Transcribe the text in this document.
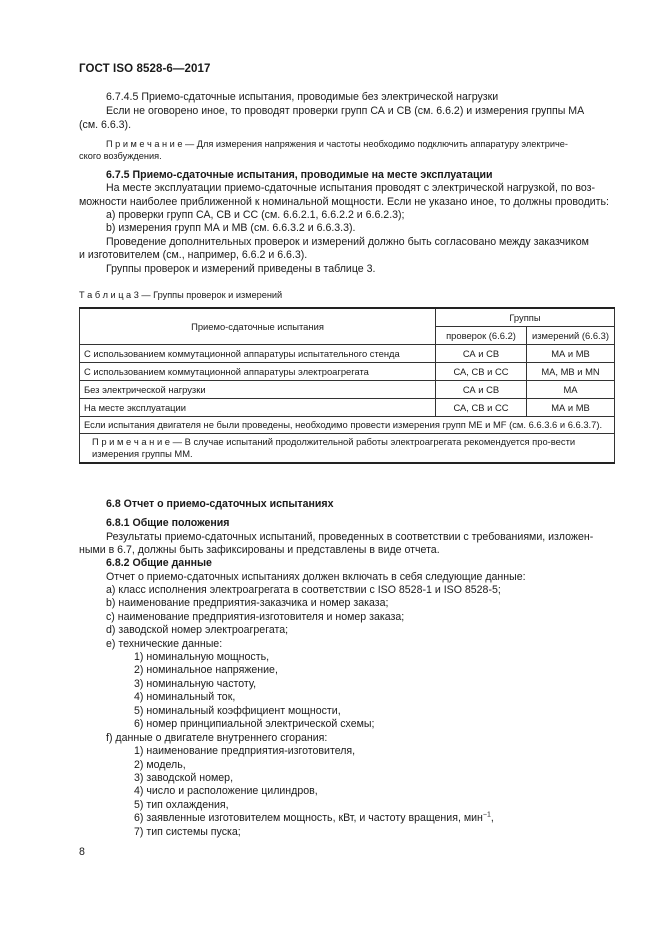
ГОСТ ISO 8528-6—2017
6.7.4.5 Приемо-сдаточные испытания, проводимые без электрической нагрузки
Если не оговорено иное, то проводят проверки групп СА и СВ (см. 6.6.2) и измерения группы МА
(см. 6.6.3).
П р и м е ч а н и е — Для измерения напряжения и частоты необходимо подключить аппаратуру электриче-
ского возбуждения.
6.7.5 Приемо-сдаточные испытания, проводимые на месте эксплуатации
На месте эксплуатации приемо-сдаточные испытания проводят с электрической нагрузкой, по воз-
можности наиболее приближенной к номинальной мощности. Если не указано иное, то должны проводить:
a) проверки групп СА, СВ и СС (см. 6.6.2.1, 6.6.2.2 и 6.6.2.3);
b) измерения групп МА и МВ (см. 6.6.3.2 и 6.6.3.3).
Проведение дополнительных проверок и измерений должно быть согласовано между заказчиком
и изготовителем (см., например, 6.6.2 и 6.6.3).
Группы проверок и измерений приведены в таблице 3.
Т а б л и ц а 3 — Группы проверок и измерений
Приемо-сдаточные испытания	Группы	
	проверок (6.6.2)	измерений (6.6.3)
С использованием коммутационной аппаратуры испытательного стенда	СА и СВ	МА и МВ
С использованием коммутационной аппаратуры электроагрегата	СА, СВ и СС	МА, МВ и MN
Без электрической нагрузки	СА и СВ	МА
На месте эксплуатации	СА, СВ и СС	МА и МВ
Если испытания двигателя не были проведены, необходимо провести измерения групп ME и MF (см. 6.6.3.6 и 6.6.3.7).		
П р и м е ч а н и е — В случае испытаний продолжительной работы электроагрегата рекомендуется про-вести измерения группы ММ.		
6.8 Отчет о приемо-сдаточных испытаниях
6.8.1 Общие положения
Результаты приемо-сдаточных испытаний, проведенных в соответствии с требованиями, изложен-
ными в 6.7, должны быть зафиксированы и представлены в виде отчета.
6.8.2 Общие данные
Отчет о приемо-сдаточных испытаниях должен включать в себя следующие данные:
a) класс исполнения электроагрегата в соответствии с ISO 8528-1 и ISO 8528-5;
b) наименование предприятия-заказчика и номер заказа;
c) наименование предприятия-изготовителя и номер заказа;
d) заводской номер электроагрегата;
e) технические данные:
1) номинальную мощность,
2) номинальное напряжение,
3) номинальную частоту,
4) номинальный ток,
5) номинальный коэффициент мощности,
6) номер принципиальной электрической схемы;
f) данные о двигателе внутреннего сгорания:
1) наименование предприятия-изготовителя,
2) модель,
3) заводской номер,
4) число и расположение цилиндров,
5) тип охлаждения,
6) заявленные изготовителем мощность, кВт, и частоту вращения, мин$^{-1}$,
7) тип системы пуска;
8
